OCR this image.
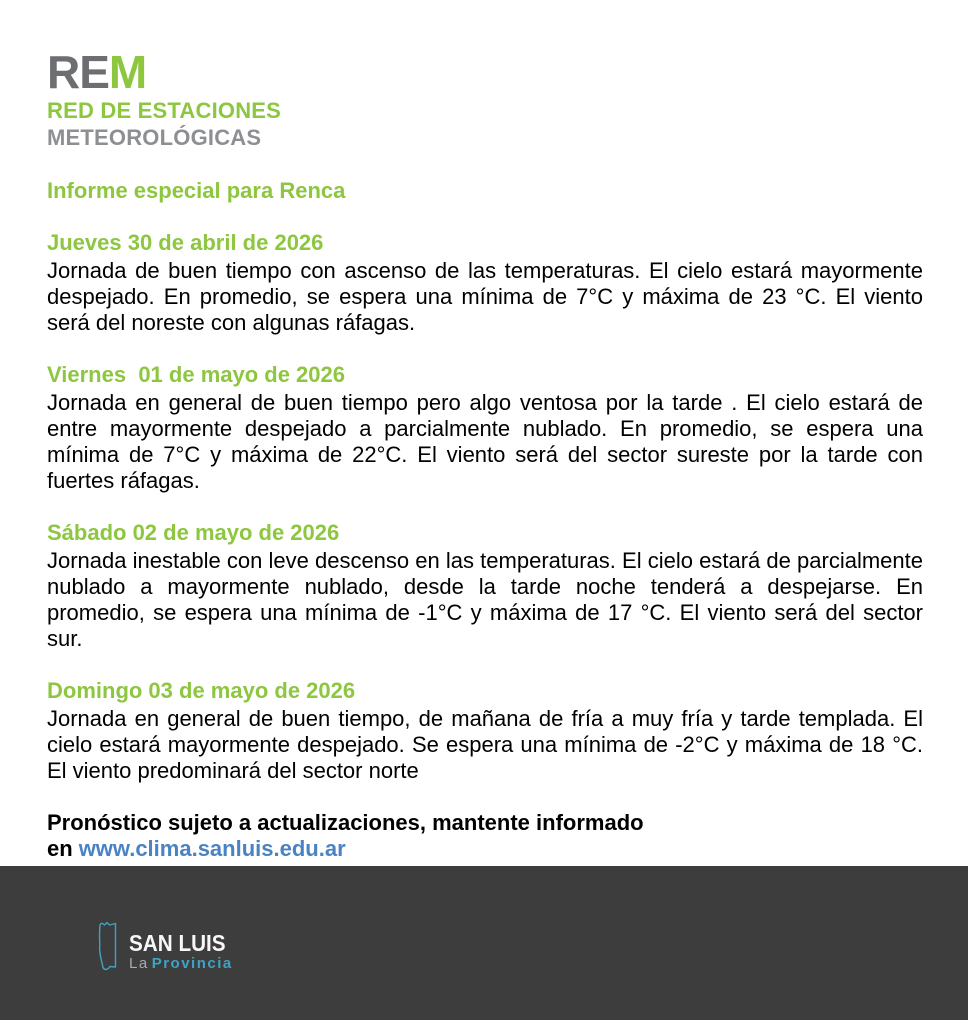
REM
RED DE ESTACIONES
METEOROLÓGICAS
Informe especial para Renca
Jueves 30 de abril de 2026

Jornada de buen tiempo con ascenso de las temperaturas. El cielo estará mayormente despejado. En promedio, se espera una mínima de 7°C y máxima de 23 °C. El viento será del noreste con algunas ráfagas.

Viernes  01 de mayo de 2026

Jornada en general de buen tiempo pero algo ventosa por la tarde . El cielo estará de entre mayormente despejado a parcialmente nublado. En promedio, se espera una mínima de 7°C y máxima de 22°C. El viento será del sector sureste por la tarde con fuertes ráfagas.

Sábado 02 de mayo de 2026

Jornada inestable con leve descenso en las temperaturas. El cielo estará de parcialmente nublado a mayormente nublado, desde la tarde noche tenderá a despejarse. En promedio, se espera una mínima de -1°C y máxima de 17 °C. El viento será del sector sur.

Domingo 03 de mayo de 2026

Jornada en general de buen tiempo, de mañana de fría a muy fría y tarde templada. El cielo estará mayormente despejado. Se espera una mínima de -2°C y máxima de 18 °C. El viento predominará del sector norte

Pronóstico sujeto a actualizaciones, mantente informado en www.clima.sanluis.edu.ar

SAN LUIS
La Provincia
